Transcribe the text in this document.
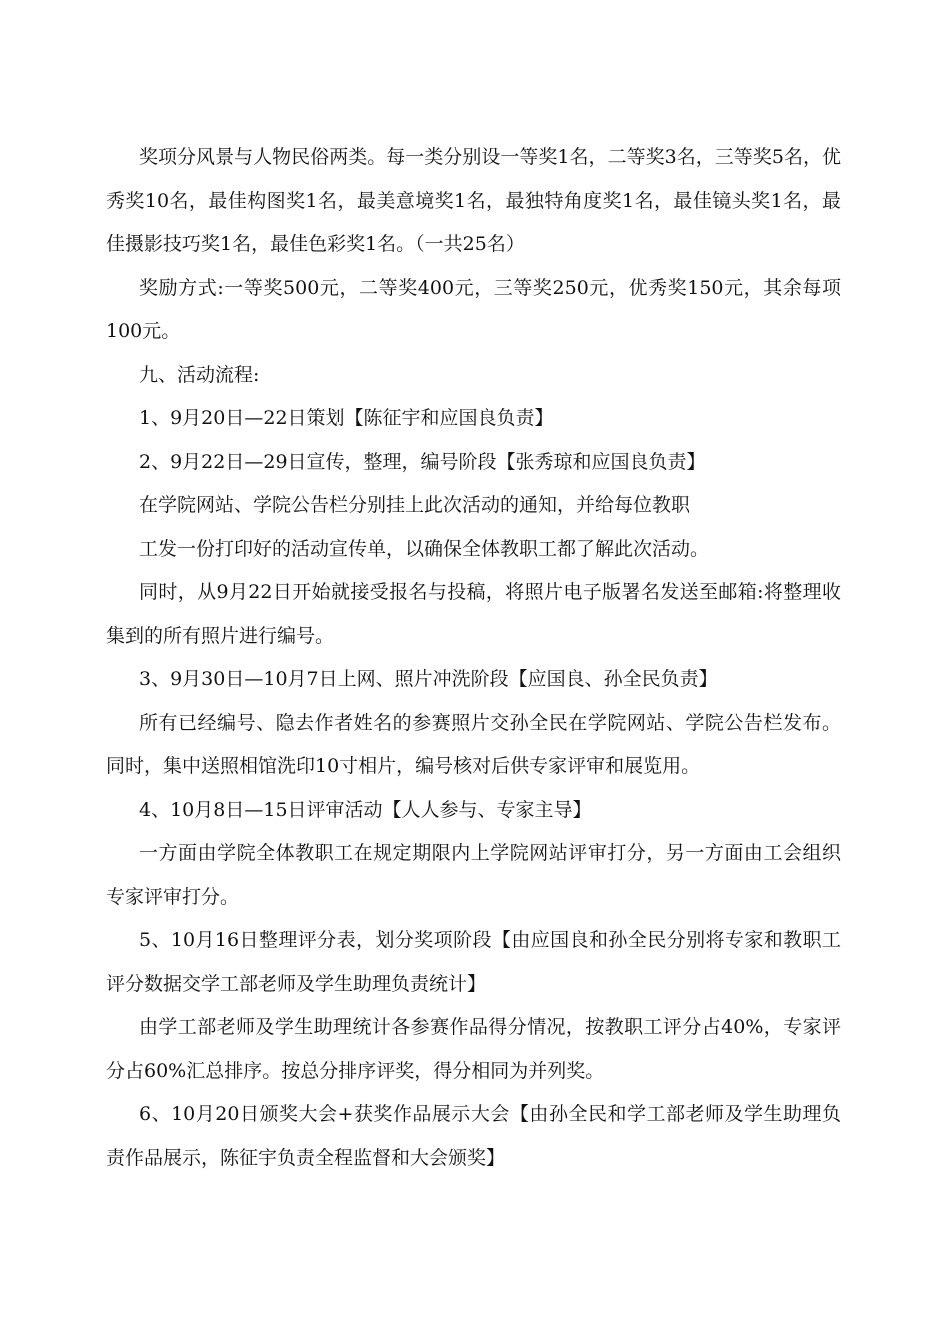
奖项分风景与人物民俗两类。每一类分别设一等奖1名，二等奖3名，三等奖5名，优秀奖10名，最佳构图奖1名，最美意境奖1名，最独特角度奖1名，最佳镜头奖1名，最佳摄影技巧奖1名，最佳色彩奖1名。（一共25名）

奖励方式:一等奖500元，二等奖400元，三等奖250元，优秀奖150元，其余每项100元。

九、活动流程:

1、9月20日—22日策划【陈征宇和应国良负责】

2、9月22日—29日宣传，整理，编号阶段【张秀琼和应国良负责】

在学院网站、学院公告栏分别挂上此次活动的通知，并给每位教职

工发一份打印好的活动宣传单，以确保全体教职工都了解此次活动。

同时，从9月22日开始就接受报名与投稿，将照片电子版署名发送至邮箱:将整理收集到的所有照片进行编号。

3、9月30日—10月7日上网、照片冲洗阶段【应国良、孙全民负责】

所有已经编号、隐去作者姓名的参赛照片交孙全民在学院网站、学院公告栏发布。同时，集中送照相馆洗印10寸相片，编号核对后供专家评审和展览用。

4、10月8日—15日评审活动【人人参与、专家主导】

一方面由学院全体教职工在规定期限内上学院网站评审打分，另一方面由工会组织专家评审打分。

5、10月16日整理评分表，划分奖项阶段【由应国良和孙全民分别将专家和教职工评分数据交学工部老师及学生助理负责统计】

由学工部老师及学生助理统计各参赛作品得分情况，按教职工评分占40%，专家评分占60%汇总排序。按总分排序评奖，得分相同为并列奖。

6、10月20日颁奖大会+获奖作品展示大会【由孙全民和学工部老师及学生助理负责作品展示，陈征宇负责全程监督和大会颁奖】
